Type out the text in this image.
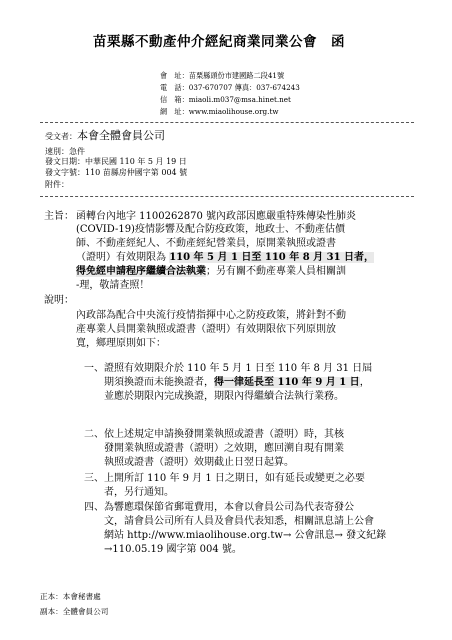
苗栗縣不動產仲介經紀商業同業公會　函
會　址：苗栗縣頭份市建國路二段41號
電　話：037-670707 傳真：037-674243
信　箱：miaoli.m037@msa.hinet.net
網　址：www.miaolihouse.org.tw
受文者：本會全體會員公司
速別：急件
發文日期：中華民國 110 年 5 月 19 日
發文字號：110 苗縣房仲國字第 004 號
附件：
主旨： 函轉台內地字 1100262870 號內政部因應嚴重特殊傳染性肺炎
(COVID-19)疫情影響及配合防疫政策，地政士、不動產估價
師、不動產經紀人、不動產經紀營業員，原開業執照或證書
（證明）有效期限為 110 年 5 月 1 日至 110 年 8 月 31 日者，
得免經申請程序繼續合法執業；另有關不動產專業人員相關訓
-理，敬請查照！
說明：
內政部為配合中央流行疫情指揮中心之防疫政策，將針對不動
產專業人員開業執照或證書（證明）有效期限依下列原則放
寬，鄉理原則如下：
一、證照有效期限介於 110 年 5 月 1 日至 110 年 8 月 31 日屆
期須換證而未能換證者，得一律延長至 110 年 9 月 1 日，
並應於期限內完成換證，期限內得繼續合法執行業務。
二、依上述規定申請換發開業執照或證書（證明）時，其核
發開業執照或證書（證明）之效期，應回溯自現有開業
執照或證書（證明）效期截止日翌日起算。
三、上開所訂 110 年 9 月 1 日之期日，如有延長或變更之必要
者，另行通知。
四、為響應環保節省郵電費用，本會以會員公司為代表寄發公
文，請會員公司所有人員及會員代表知悉，相關訊息請上公會
網站 http://www.miaolihouse.org.tw→ 公會訊息→ 發文紀錄
→110.05.19 國字第 004 號。
正本：本會秘書處
副本：全體會員公司
